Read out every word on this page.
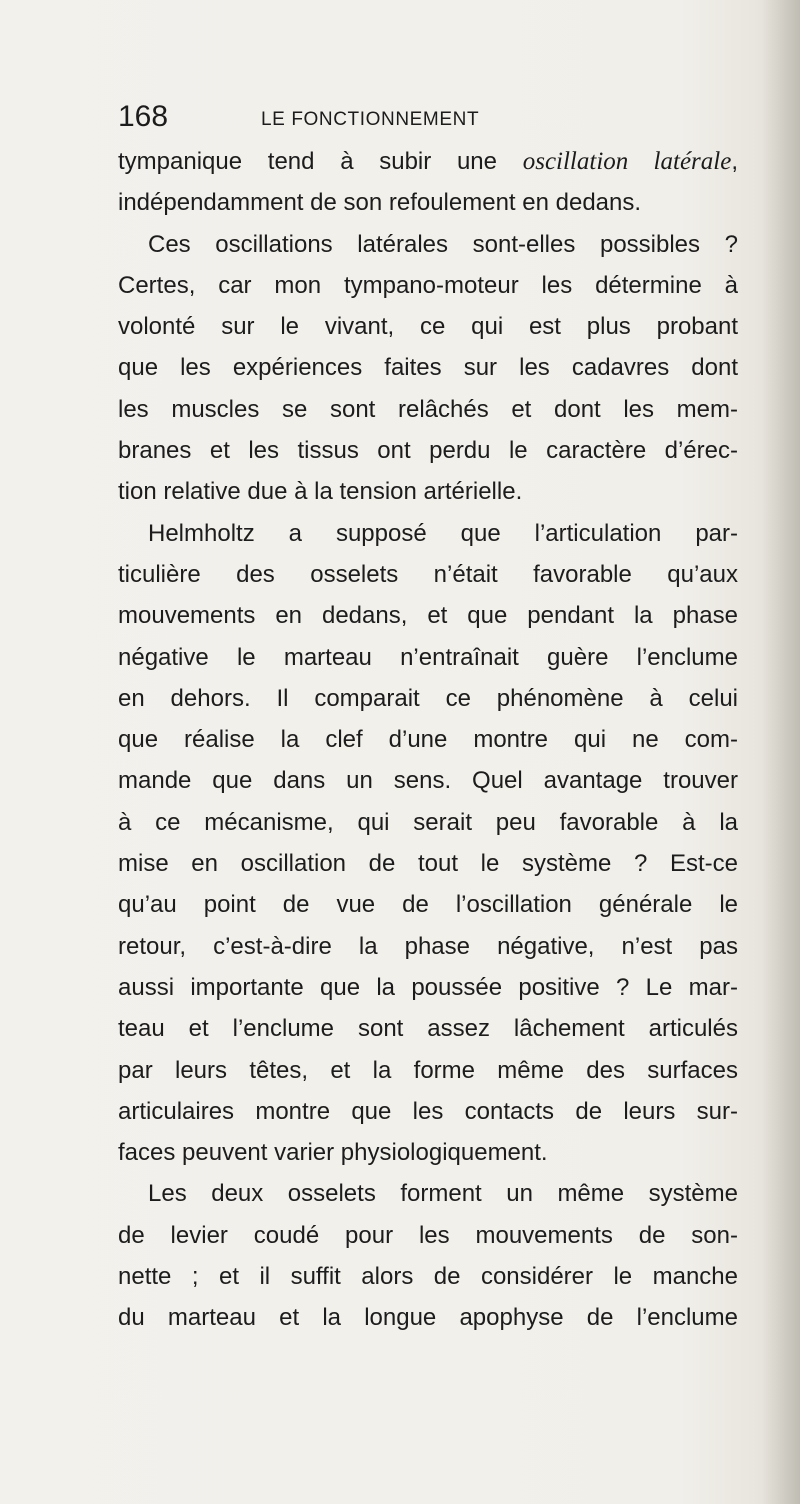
168	LE FONCTIONNEMENT
tympanique tend à subir une oscillation latérale,
indépendamment de son refoulement en dedans.
Ces oscillations latérales sont-elles possibles ?
Certes, car mon tympano-moteur les détermine à
volonté sur le vivant, ce qui est plus probant
que les expériences faites sur les cadavres dont
les muscles se sont relâchés et dont les mem-
branes et les tissus ont perdu le caractère d’érec-
tion relative due à la tension artérielle.
Helmholtz a supposé que l’articulation par-
ticulière des osselets n’était favorable qu’aux
mouvements en dedans, et que pendant la phase
négative le marteau n’entraînait guère l’enclume
en dehors. Il comparait ce phénomène à celui
que réalise la clef d’une montre qui ne com-
mande que dans un sens. Quel avantage trouver
à ce mécanisme, qui serait peu favorable à la
mise en oscillation de tout le système ? Est-ce
qu’au point de vue de l’oscillation générale le
retour, c’est-à-dire la phase négative, n’est pas
aussi importante que la poussée positive ? Le mar-
teau et l’enclume sont assez lâchement articulés
par leurs têtes, et la forme même des surfaces
articulaires montre que les contacts de leurs sur-
faces peuvent varier physiologiquement.
Les deux osselets forment un même système
de levier coudé pour les mouvements de son-
nette ; et il suffit alors de considérer le manche
du marteau et la longue apophyse de l’enclume
